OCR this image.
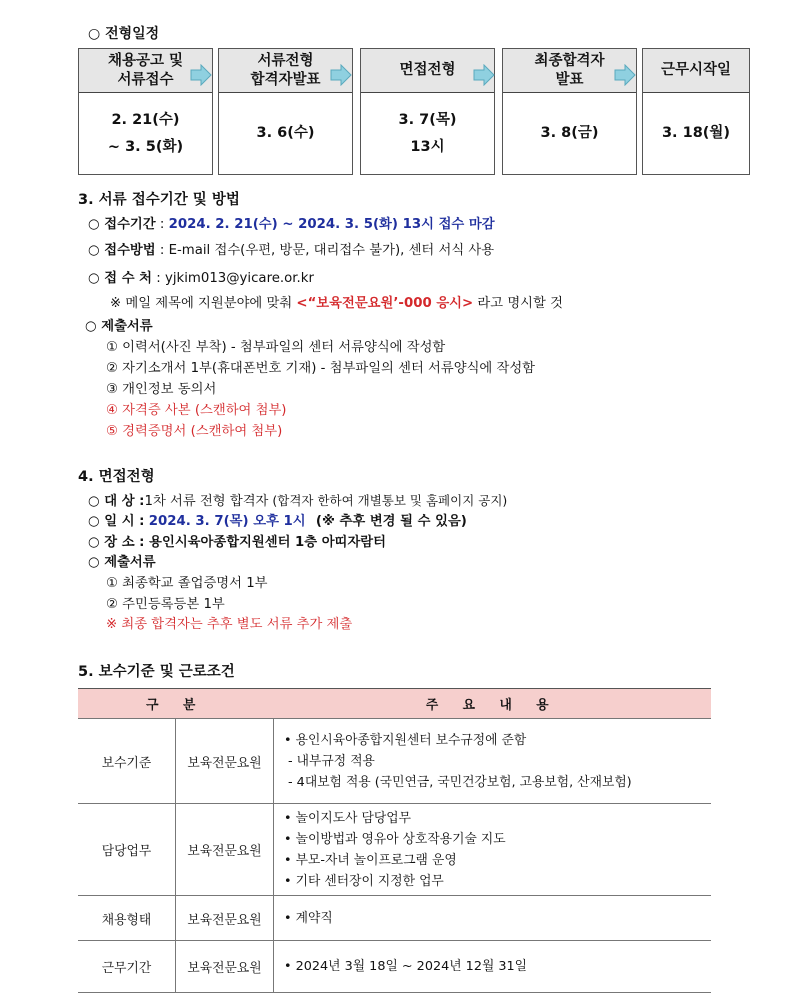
○ 전형일정
채용공고 및
서류접수
2. 21(수)
~ 3. 5(화)
서류전형
합격자발표
3. 6(수)
면접전형
3. 7(목)
13시
최종합격자
발표
3. 8(금)
근무시작일
3. 18(월)
3. 서류 접수기간 및 방법
○ 접수기간 : 2024. 2. 21(수) ~ 2024. 3. 5(화) 13시 접수 마감
○ 접수방법 : E-mail 접수(우편, 방문, 대리접수 불가), 센터 서식 사용
○ 접 수 처 : yjkim013@yicare.or.kr
※ 메일 제목에 지원분야에 맞춰 <“보육전문요원’-000 응시> 라고 명시할 것
○ 제출서류
① 이력서(사진 부착) - 첨부파일의 센터 서류양식에 작성함
② 자기소개서 1부(휴대폰번호 기재) - 첨부파일의 센터 서류양식에 작성함
③ 개인정보 동의서
④ 자격증 사본 (스캔하여 첨부)
⑤ 경력증명서 (스캔하여 첨부)
4. 면접전형
○ 대 상 :1차 서류 전형 합격자 (합격자 한하여 개별통보 및 홈페이지 공지)
○ 일 시 : 2024. 3. 7(목) 오후 1시 (※ 추후 변경 될 수 있음)
○ 장 소 : 용인시육아종합지원센터 1층 아띠자람터
○ 제출서류
① 최종학교 졸업증명서 1부
② 주민등록등본 1부
※ 최종 합격자는 추후 별도 서류 추가 제출
5. 보수기준 및 근로조건
구 분		주 요 내 용
보수기준	보육전문요원	• 용인시육아종합지원센터 보수규정에 준함
- 내부규정 적용
- 4대보험 적용 (국민연금, 국민건강보험, 고용보험, 산재보험)

담당업무	보육전문요원	• 놀이지도사 담당업무
• 놀이방법과 영유아 상호작용기술 지도
• 부모-자녀 놀이프로그램 운영
• 기타 센터장이 지정한 업무

채용형태	보육전문요원	• 계약직

근무기간	보육전문요원	• 2024년 3월 18일 ~ 2024년 12월 31일
